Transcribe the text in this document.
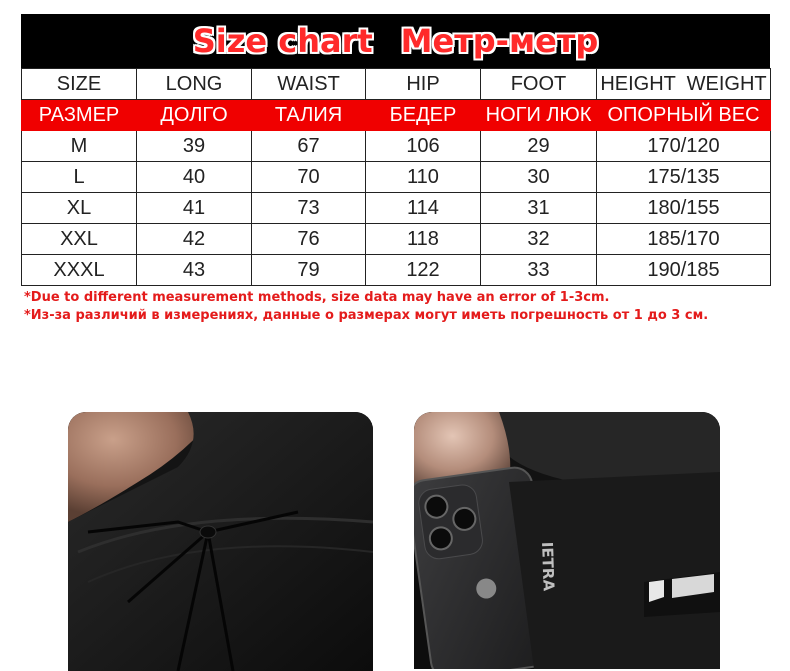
Size chart Метр-метр
SIZE	LONG	WAIST	HIP	FOOT	HEIGHT  WEIGHT
РАЗМЕР	ДОЛГО	ТАЛИЯ	БЕДЕР	НОГИ ЛЮК	ОПОРНЫЙ ВЕС
M	39	67	106	29	170/120
L	40	70	110	30	175/135
XL	41	73	114	31	180/155
XXL	42	76	118	32	185/170
XXXL	43	79	122	33	190/185
*Due to different measurement methods, size data may have an error of 1-3cm.
*Из-за различий в измерениях, данные о размерах могут иметь погрешность от 1 до 3 см.
IETRA
